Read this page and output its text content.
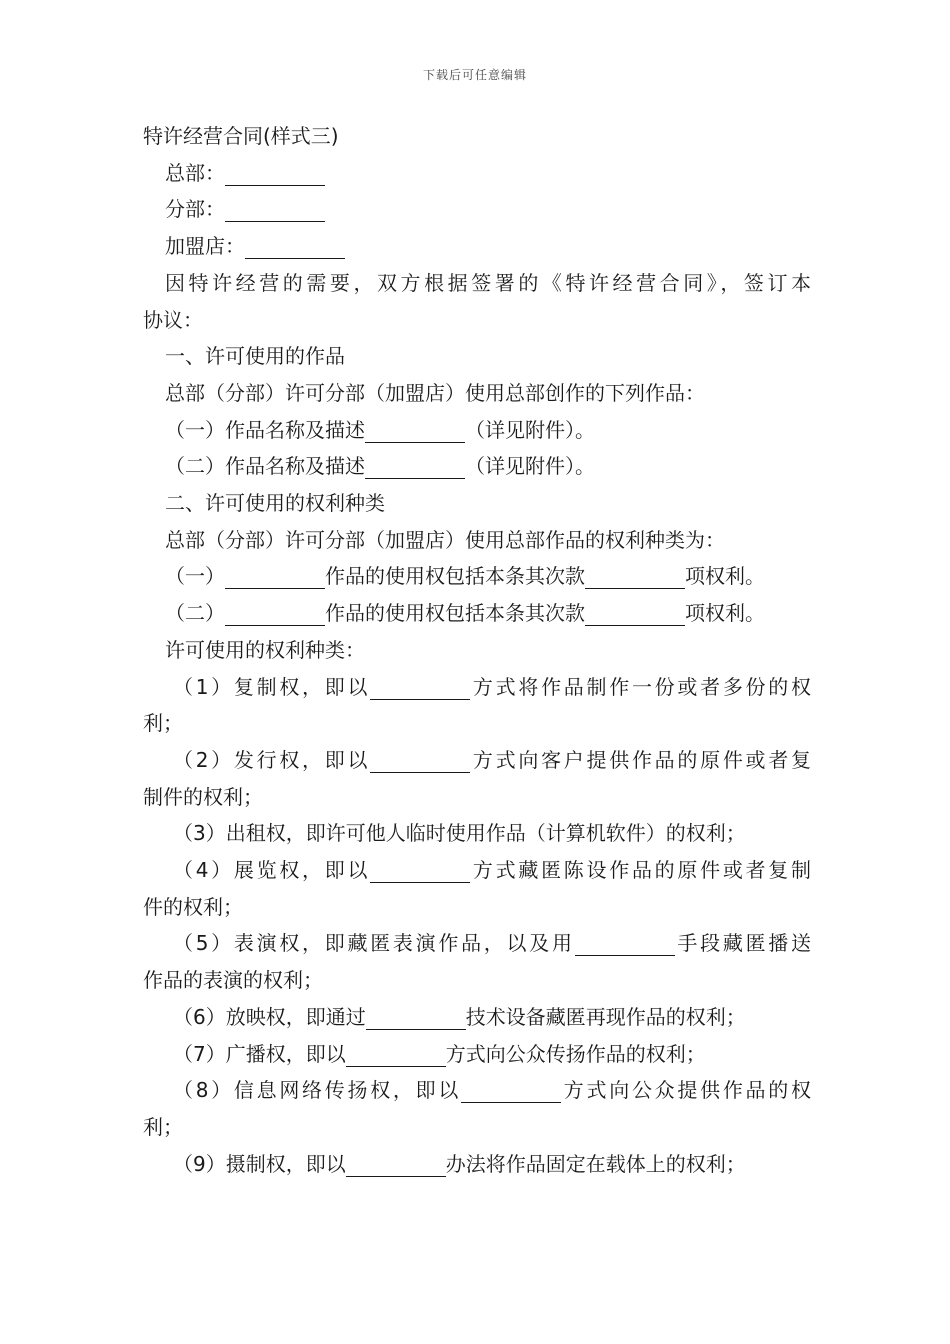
下载后可任意编辑
特许经营合同(样式三)
总部：
分部：
加盟店：
因特许经营的需要，双方根据签署的《特许经营合同》，签订本
协议：
一、许可使用的作品
总部（分部）许可分部（加盟店）使用总部创作的下列作品：
（一）作品名称及描述	（详见附件）。
（二）作品名称及描述	（详见附件）。
二、许可使用的权利种类
总部（分部）许可分部（加盟店）使用总部作品的权利种类为：
（一）	作品的使用权包括本条其次款	项权利。
（二）	作品的使用权包括本条其次款	项权利。
许可使用的权利种类：
（1）复制权，即以	方式将作品制作一份或者多份的权
利；
（2）发行权，即以	方式向客户提供作品的原件或者复
制件的权利；
（3）出租权，即许可他人临时使用作品（计算机软件）的权利；
（4）展览权，即以	方式藏匿陈设作品的原件或者复制
件的权利；
（5）表演权，即藏匿表演作品，以及用	手段藏匿播送
作品的表演的权利；
（6）放映权，即通过	技术设备藏匿再现作品的权利；
（7）广播权，即以	方式向公众传扬作品的权利；
（8）信息网络传扬权，即以	方式向公众提供作品的权
利；
（9）摄制权，即以	办法将作品固定在载体上的权利；
